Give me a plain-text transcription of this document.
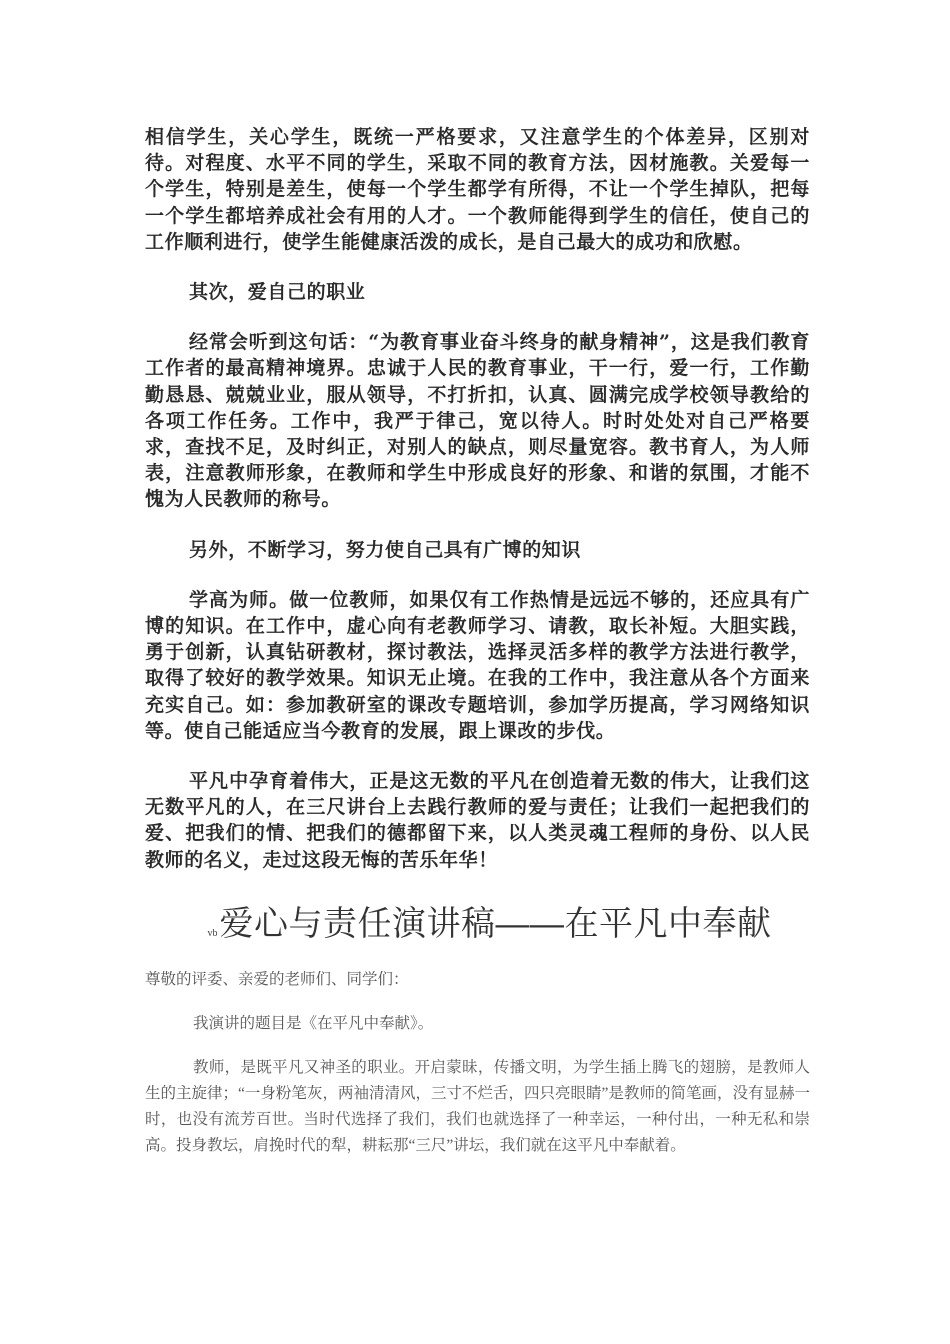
相信学生，关心学生，既统一严格要求，又注意学生的个体差异，区别对待。对程度、水平不同的学生，采取不同的教育方法，因材施教。关爱每一个学生，特别是差生，使每一个学生都学有所得，不让一个学生掉队，把每一个学生都培养成社会有用的人才。一个教师能得到学生的信任，使自己的工作顺利进行，使学生能健康活泼的成长，是自己最大的成功和欣慰。

其次，爱自己的职业

经常会听到这句话：“为教育事业奋斗终身的献身精神”，这是我们教育工作者的最高精神境界。忠诚于人民的教育事业，干一行，爱一行，工作勤勤恳恳、兢兢业业，服从领导，不打折扣，认真、圆满完成学校领导教给的各项工作任务。工作中，我严于律己，宽以待人。时时处处对自己严格要求，查找不足，及时纠正，对别人的缺点，则尽量宽容。教书育人，为人师表，注意教师形象，在教师和学生中形成良好的形象、和谐的氛围，才能不愧为人民教师的称号。

另外，不断学习，努力使自己具有广博的知识

学高为师。做一位教师，如果仅有工作热情是远远不够的，还应具有广博的知识。在工作中，虚心向有老教师学习、请教，取长补短。大胆实践，勇于创新，认真钻研教材，探讨教法，选择灵活多样的教学方法进行教学，取得了较好的教学效果。知识无止境。在我的工作中，我注意从各个方面来充实自己。如：参加教研室的课改专题培训，参加学历提高，学习网络知识等。使自己能适应当今教育的发展，跟上课改的步伐。

平凡中孕育着伟大，正是这无数的平凡在创造着无数的伟大，让我们这无数平凡的人，在三尺讲台上去践行教师的爱与责任；让我们一起把我们的爱、把我们的情、把我们的德都留下来，以人类灵魂工程师的身份、以人民教师的名义，走过这段无悔的苦乐年华！

vb 爱心与责任演讲稿——在平凡中奉献

尊敬的评委、亲爱的老师们、同学们：

我演讲的题目是《在平凡中奉献》。

教师，是既平凡又神圣的职业。开启蒙昧，传播文明，为学生插上腾飞的翅膀，是教师人生的主旋律；“一身粉笔灰，两袖清清风，三寸不烂舌，四只亮眼睛”是教师的简笔画，没有显赫一时，也没有流芳百世。当时代选择了我们，我们也就选择了一种幸运，一种付出，一种无私和崇高。投身教坛，肩挽时代的犁，耕耘那“三尺”讲坛，我们就在这平凡中奉献着。
